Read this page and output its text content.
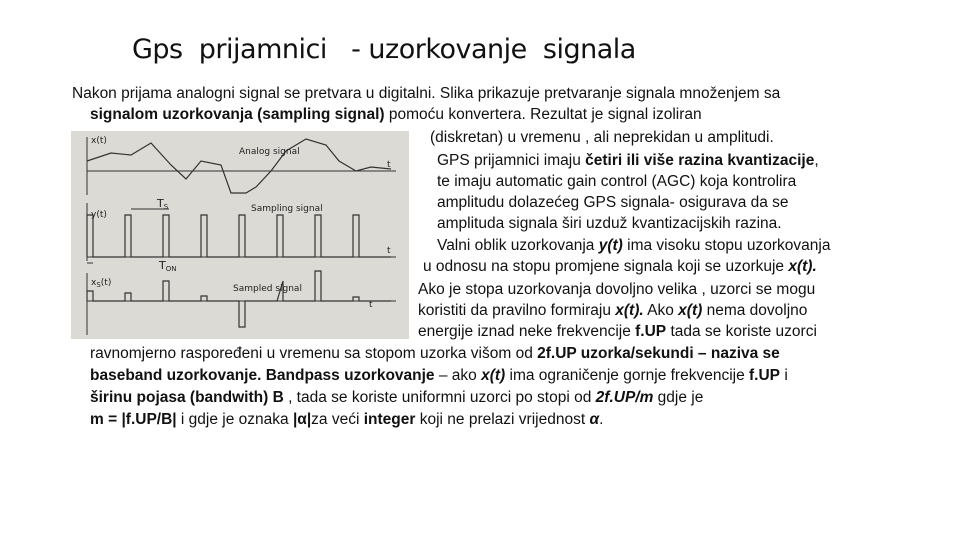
Gps  prijamnici   - uzorkovanje  signala
Nakon prijama analogni signal se pretvara u digitalni. Slika prikazuje pretvaranje signala množenjem sa
signalom uzorkovanja (sampling signal) pomoću konvertera. Rezultat je signal izoliran
(diskretan) u vremenu , ali neprekidan u amplitudi.
GPS prijamnici imaju četiri ili više razina kvantizacije,
te imaju automatic gain control (AGC) koja kontrolira
amplitudu dolazećeg GPS signala- osigurava da se
amplituda signala širi uzduž kvantizacijskih razina.
Valni oblik uzorkovanja y(t) ima visoku stopu uzorkovanja
u odnosu na stopu promjene signala koji se uzorkuje x(t).
Ako je stopa uzorkovanja dovoljno velika , uzorci se mogu
koristiti da pravilno formiraju x(t). Ako x(t) nema dovoljno
energije iznad neke frekvencije f.UP tada se koriste uzorci
ravnomjerno raspoređeni u vremenu sa stopom uzorka višom od 2f.UP uzorka/sekundi – naziva se
baseband uzorkovanje. Bandpass uzorkovanje – ako x(t) ima ograničenje gornje frekvencije f.UP i
širinu pojasa (bandwith) B , tada se koriste uniformni uzorci po stopi od 2f.UP/m gdje je
m = |f.UP/B| i gdje je oznaka |α|za veći integer koji ne prelazi vrijednost α.
x(t)
Analog signal
t
y(t)
TS	Sampling signal
t
TON
$x_S(t)$
Sampled signal
t
